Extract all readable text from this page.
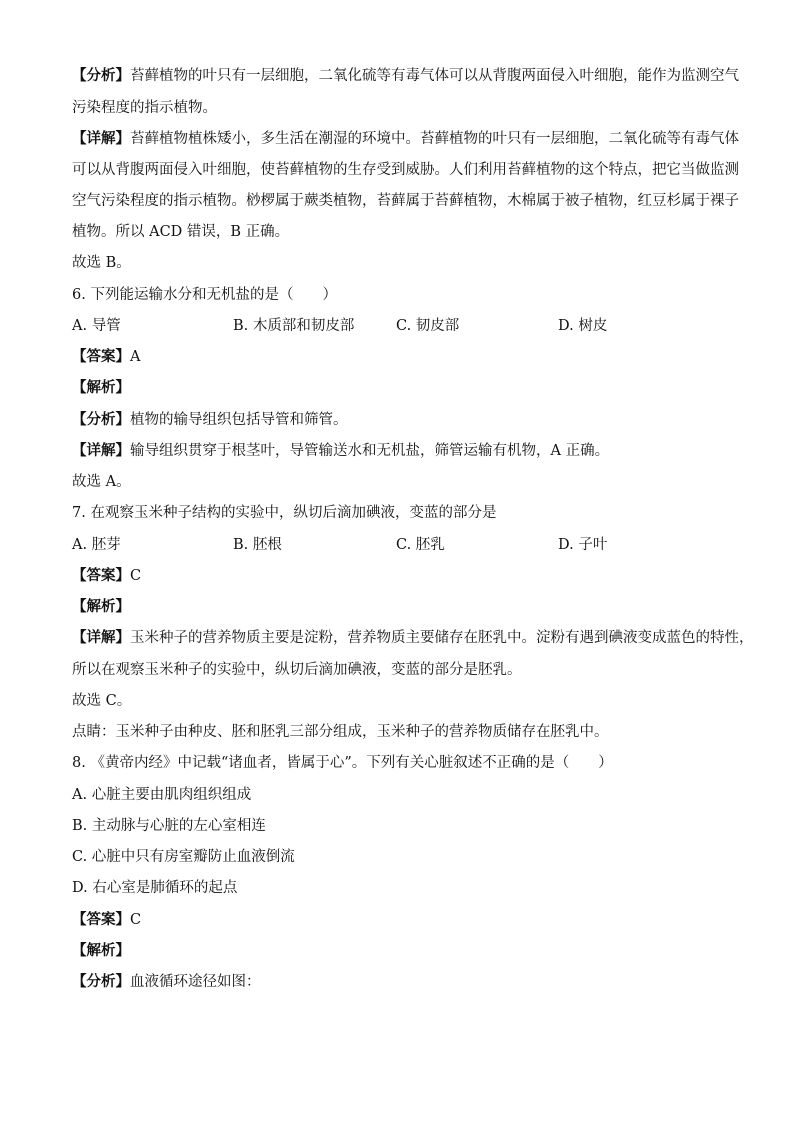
【分析】苔藓植物的叶只有一层细胞，二氧化硫等有毒气体可以从背腹两面侵入叶细胞，能作为监测空气
污染程度的指示植物。
【详解】苔藓植物植株矮小，多生活在潮湿的环境中。苔藓植物的叶只有一层细胞，二氧化硫等有毒气体
可以从背腹两面侵入叶细胞，使苔藓植物的生存受到威胁。人们利用苔藓植物的这个特点，把它当做监测
空气污染程度的指示植物。桫椤属于蕨类植物，苔藓属于苔藓植物，木棉属于被子植物，红豆杉属于裸子
植物。所以 ACD 错误，B 正确。
故选 B。
6. 下列能运输水分和无机盐的是（　　）
A. 导管	B. 木质部和韧皮部	C. 韧皮部	D. 树皮
【答案】A
【解析】
【分析】植物的输导组织包括导管和筛管。
【详解】输导组织贯穿于根茎叶，导管输送水和无机盐，筛管运输有机物，A 正确。
故选 A。
7. 在观察玉米种子结构的实验中，纵切后滴加碘液，变蓝的部分是
A. 胚芽	B. 胚根	C. 胚乳	D. 子叶
【答案】C
【解析】
【详解】玉米种子的营养物质主要是淀粉，营养物质主要储存在胚乳中。淀粉有遇到碘液变成蓝色的特性，
所以在观察玉米种子的实验中，纵切后滴加碘液，变蓝的部分是胚乳。
故选 C。
点睛：玉米种子由种皮、胚和胚乳三部分组成，玉米种子的营养物质储存在胚乳中。
8. 《黄帝内经》中记载“诸血者，皆属于心”。下列有关心脏叙述不正确的是（　　）
A. 心脏主要由肌肉组织组成
B. 主动脉与心脏的左心室相连
C. 心脏中只有房室瓣防止血液倒流
D. 右心室是肺循环的起点
【答案】C
【解析】
【分析】血液循环途径如图：
